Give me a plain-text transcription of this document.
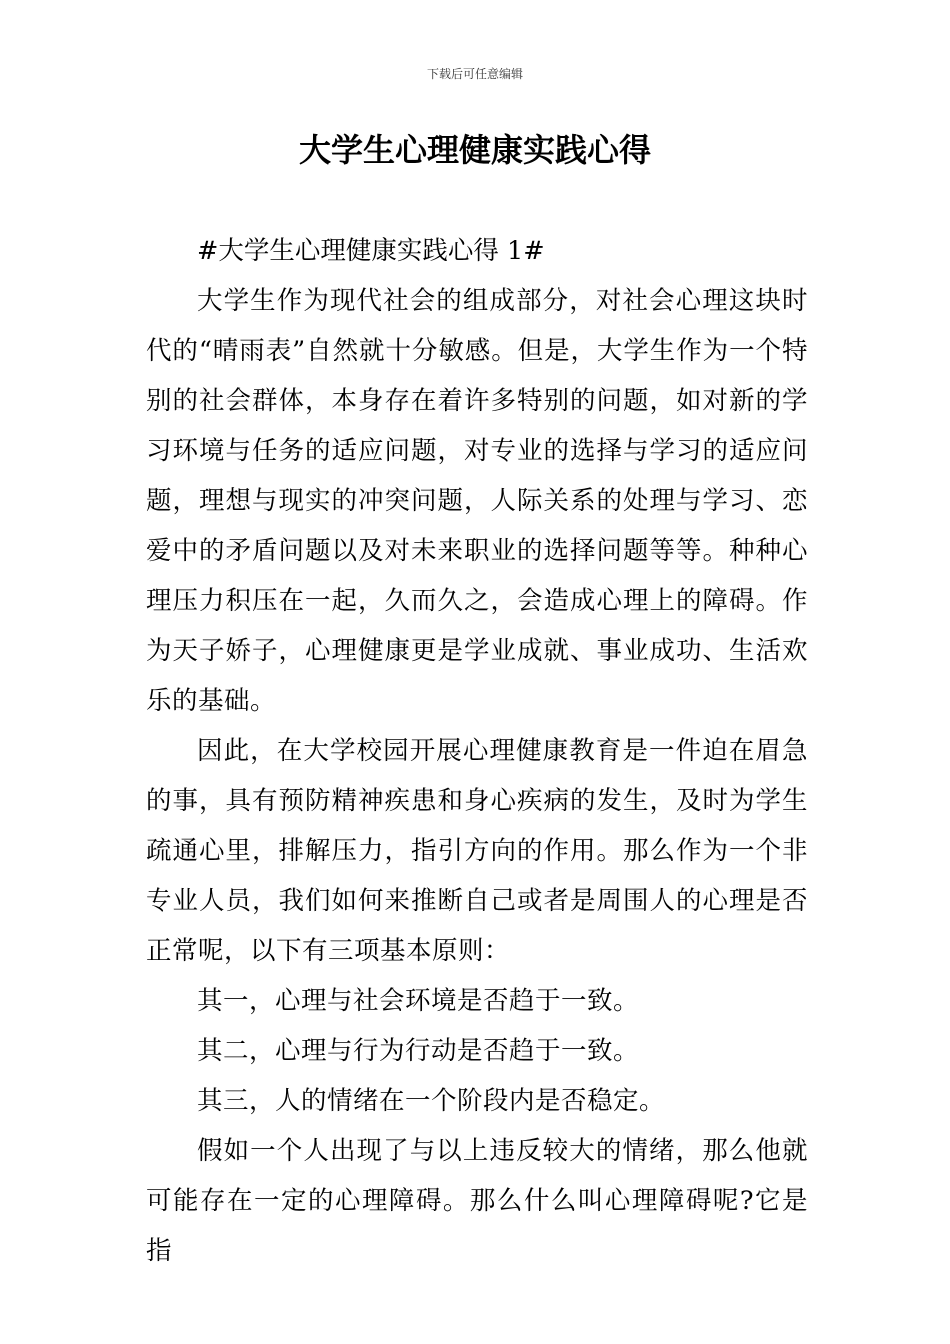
下载后可任意编辑
大学生心理健康实践心得

#大学生心理健康实践心得 1#

大学生作为现代社会的组成部分，对社会心理这块时代的“晴雨表”自然就十分敏感。但是，大学生作为一个特别的社会群体，本身存在着许多特别的问题，如对新的学习环境与任务的适应问题，对专业的选择与学习的适应问题，理想与现实的冲突问题，人际关系的处理与学习、恋爱中的矛盾问题以及对未来职业的选择问题等等。种种心理压力积压在一起，久而久之，会造成心理上的障碍。作为天子娇子，心理健康更是学业成就、事业成功、生活欢乐的基础。

因此，在大学校园开展心理健康教育是一件迫在眉急的事，具有预防精神疾患和身心疾病的发生，及时为学生疏通心里，排解压力，指引方向的作用。那么作为一个非专业人员，我们如何来推断自己或者是周围人的心理是否正常呢，以下有三项基本原则：

其一，心理与社会环境是否趋于一致。

其二，心理与行为行动是否趋于一致。

其三，人的情绪在一个阶段内是否稳定。

假如一个人出现了与以上违反较大的情绪，那么他就可能存在一定的心理障碍。那么什么叫心理障碍呢?它是指
